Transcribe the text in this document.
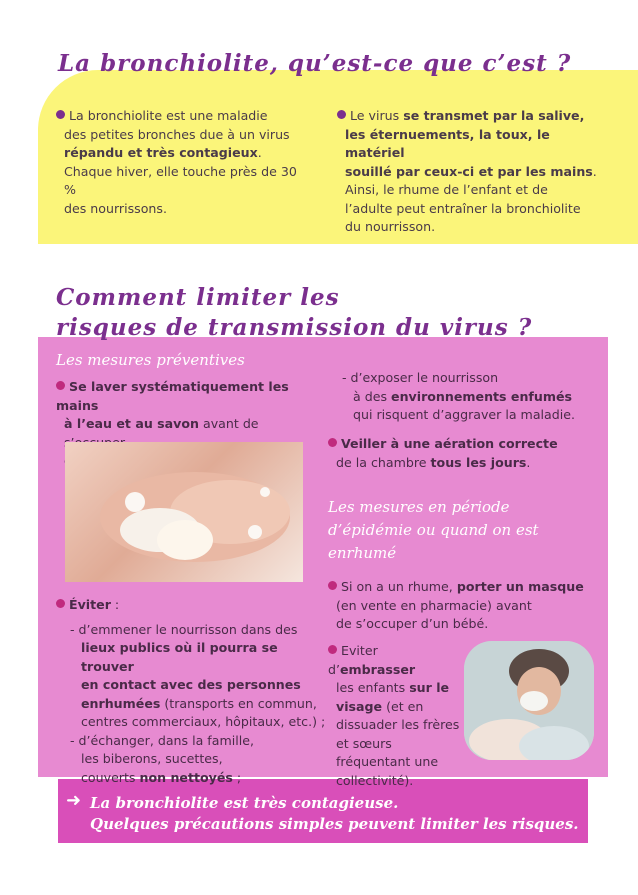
La bronchiolite, qu’est-ce que c’est ?
La bronchiolite est une maladie
des petites bronches due à un virus
répandu et très contagieux.
Chaque hiver, elle touche près de 30 %
des nourrissons.
Le virus se transmet par la salive,
les éternuements, la toux, le matériel
souillé par ceux-ci et par les mains.
Ainsi, le rhume de l’enfant et de
l’adulte peut entraîner la bronchiolite
du nourrisson.
Comment limiter les
risques de transmission du virus ?
Les mesures préventives
Se laver systématiquement les mains
à l’eau et au savon avant de
Éviter :
- d’emmener le nourrisson dans des
lieux publics où il pourra se trouver
en contact avec des personnes
enrhumées (transports en commun,
centres commerciaux, hôpitaux, etc.) ;
- d’échanger, dans la famille,
les biberons, sucettes,
couverts non nettoyés ;
- d’exposer le nourrisson
à des environnements enfumés
qui risquent d’aggraver la maladie.
Veiller à une aération correcte
de la chambre tous les jours.
Les mesures en période
d’épidémie ou quand on est
enrhumé
Si on a un rhume, porter un masque
(en vente en pharmacie) avant
de s’occuper d’un bébé.
Eviter d’embrasser
les enfants sur le
visage (et en
dissuader les frères
et sœurs
fréquentant une
collectivité).
➜ La bronchiolite est très contagieuse.
Quelques précautions simples peuvent limiter les risques.
